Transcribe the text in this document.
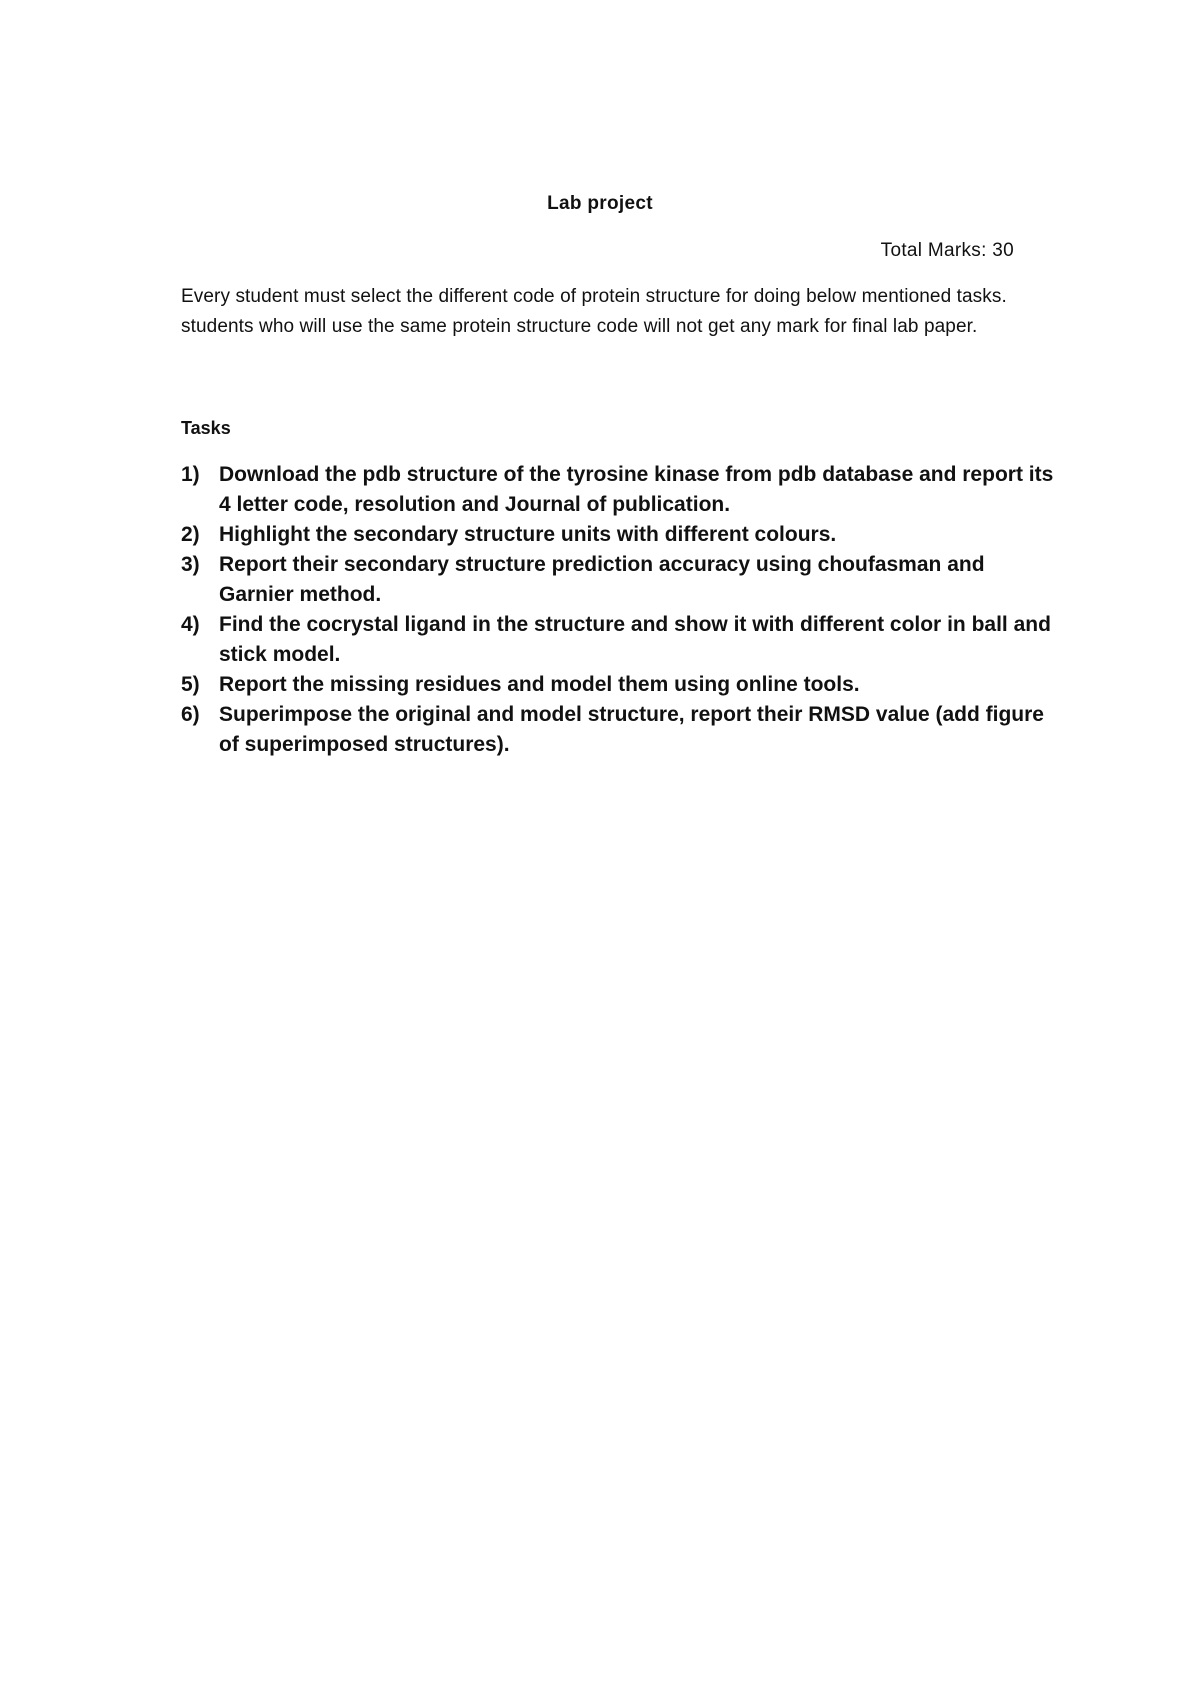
Lab project
Total Marks: 30
Every student must select the different code of protein structure for doing below mentioned tasks. students who will use the same protein structure code will not get any mark for final lab paper.
Tasks
1) Download the pdb structure of the tyrosine kinase from pdb database and report its 4 letter code, resolution and Journal of publication.
2) Highlight the secondary structure units with different colours.
3) Report their secondary structure prediction accuracy using choufasman and Garnier method.
4) Find the cocrystal ligand in the structure and show it with different color in ball and stick model.
5) Report the missing residues and model them using online tools.
6) Superimpose the original and model structure, report their RMSD value (add figure of superimposed structures).
